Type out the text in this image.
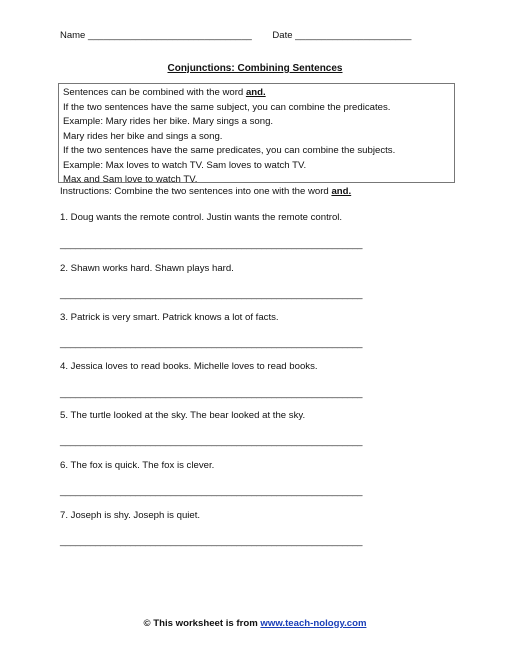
Name _______________________________ Date ______________________
Conjunctions: Combining Sentences
Sentences can be combined with the word and.
If the two sentences have the same subject, you can combine the predicates.
Example: Mary rides her bike. Mary sings a song.
Mary rides her bike and sings a song.
If the two sentences have the same predicates, you can combine the subjects.
Example: Max loves to watch TV. Sam loves to watch TV.
Max and Sam love to watch TV.
Instructions: Combine the two sentences into one with the word and.
1. Doug wants the remote control. Justin wants the remote control.
____________________________________________________________
2. Shawn works hard. Shawn plays hard.
____________________________________________________________
3. Patrick is very smart. Patrick knows a lot of facts.
____________________________________________________________
4. Jessica loves to read books. Michelle loves to read books.
____________________________________________________________
5. The turtle looked at the sky. The bear looked at the sky.
____________________________________________________________
6. The fox is quick. The fox is clever.
____________________________________________________________
7. Joseph is shy. Joseph is quiet.
____________________________________________________________
© This worksheet is from www.teach-nology.com
